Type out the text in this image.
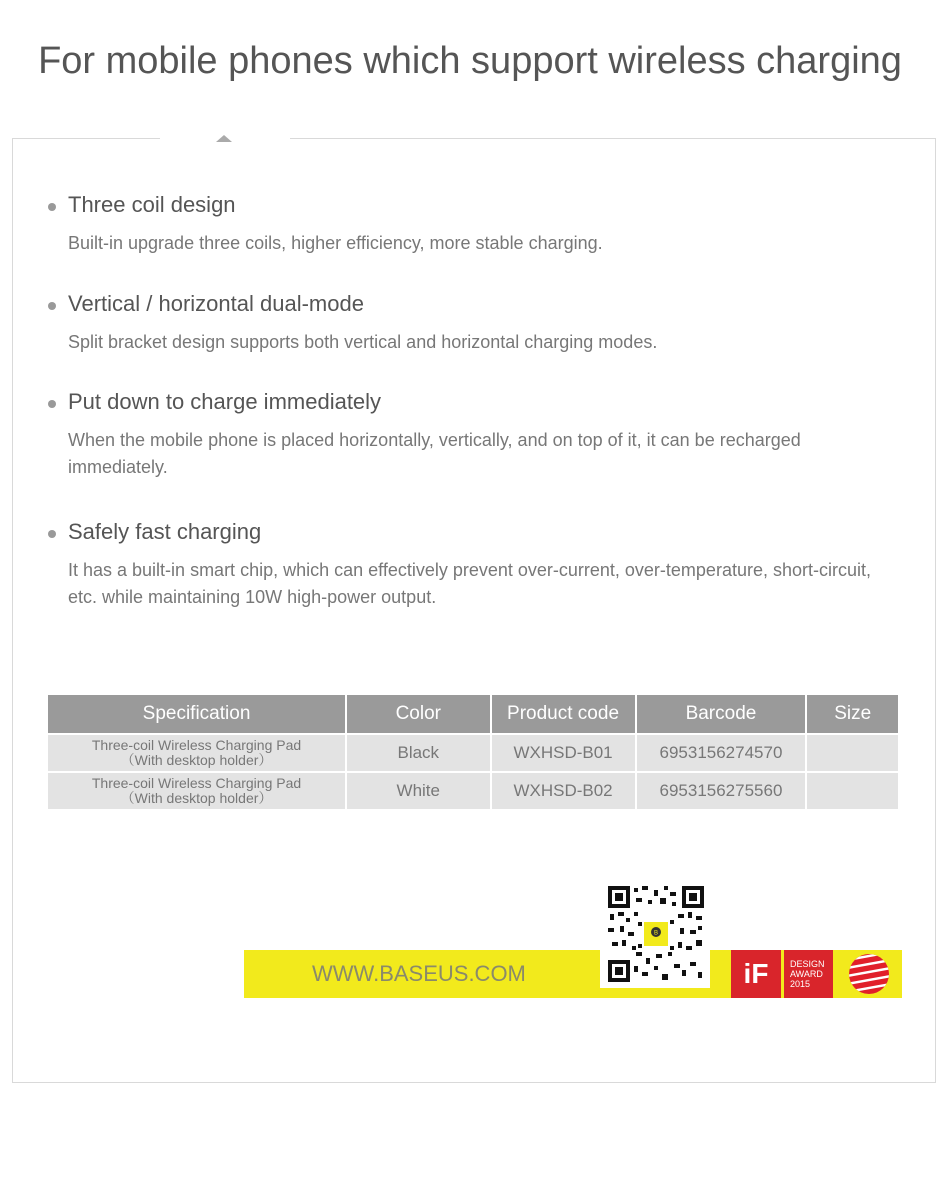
For mobile phones which support wireless charging
Three coil design
Built-in upgrade three coils, higher efficiency, more stable charging.
Vertical / horizontal dual-mode
Split bracket design supports both vertical and horizontal charging modes.
Put down to charge immediately
When the mobile phone is placed horizontally, vertically, and on top of it, it can be recharged immediately.
Safely fast charging
It has a built-in smart chip, which can effectively prevent over-current, over-temperature, short-circuit, etc. while maintaining 10W high-power output.
Specification	Color	Product code	Barcode	Size

Three-coil Wireless Charging Pad
（With desktop holder）	Black	WXHSD-B01	6953156274570	

Three-coil Wireless Charging Pad
（With desktop holder）	White	WXHSD-B02	6953156275560	
WWW.BASEUS.COM
B
iF	DESIGN
AWARD
2015
